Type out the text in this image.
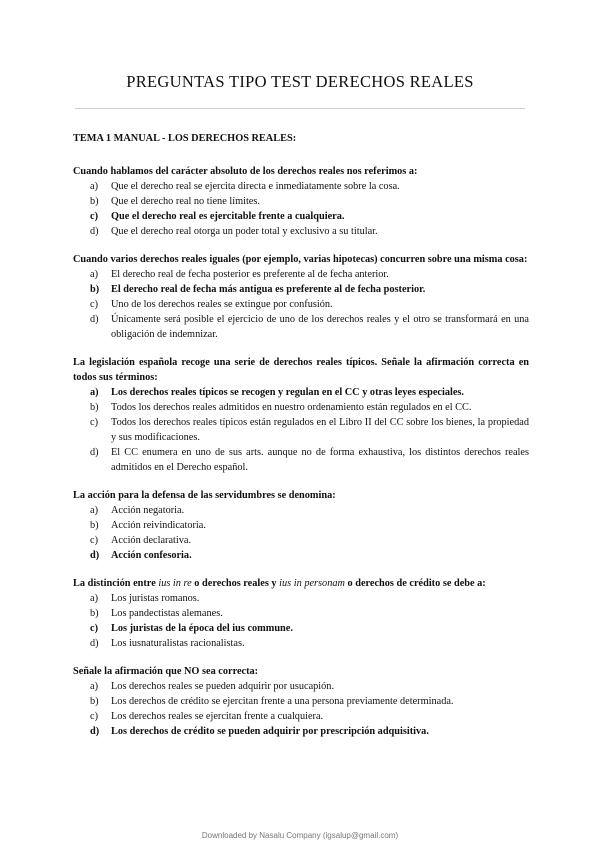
PREGUNTAS TIPO TEST DERECHOS REALES
TEMA 1 MANUAL - LOS DERECHOS REALES:
Cuando hablamos del carácter absoluto de los derechos reales nos referimos a:
a)	Que el derecho real se ejercita directa e inmediatamente sobre la cosa.
b)	Que el derecho real no tiene límites.
c)	Que el derecho real es ejercitable frente a cualquiera.
d)	Que el derecho real otorga un poder total y exclusivo a su titular.
Cuando varios derechos reales iguales (por ejemplo, varias hipotecas) concurren sobre una misma cosa:
a)	El derecho real de fecha posterior es preferente al de fecha anterior.
b)	El derecho real de fecha más antigua es preferente al de fecha posterior.
c)	Uno de los derechos reales se extingue por confusión.
d)	Únicamente será posible el ejercicio de uno de los derechos reales y el otro se transformará en una obligación de indemnizar.
La legislación española recoge una serie de derechos reales típicos. Señale la afirmación correcta en todos sus términos:
a)	Los derechos reales típicos se recogen y regulan en el CC y otras leyes especiales.
b)	Todos los derechos reales admitidos en nuestro ordenamiento están regulados en el CC.
c)	Todos los derechos reales típicos están regulados en el Libro II del CC sobre los bienes, la propiedad y sus modificaciones.
d)	El CC enumera en uno de sus arts. aunque no de forma exhaustiva, los distintos derechos reales admitidos en el Derecho español.
La acción para la defensa de las servidumbres se denomina:
a)	Acción negatoria.
b)	Acción reivindicatoria.
c)	Acción declarativa.
d)	Acción confesoria.
La distinción entre ius in re o derechos reales y ius in personam o derechos de crédito se debe a:
a)	Los juristas romanos.
b)	Los pandectistas alemanes.
c)	Los juristas de la época del ius commune.
d)	Los iusnaturalistas racionalistas.
Señale la afirmación que NO sea correcta:
a)	Los derechos reales se pueden adquirir por usucapión.
b)	Los derechos de crédito se ejercitan frente a una persona previamente determinada.
c)	Los derechos reales se ejercitan frente a cualquiera.
d)	Los derechos de crédito se pueden adquirir por prescripción adquisitiva.
Downloaded by Nasalu Company (igsalup@gmail.com)
